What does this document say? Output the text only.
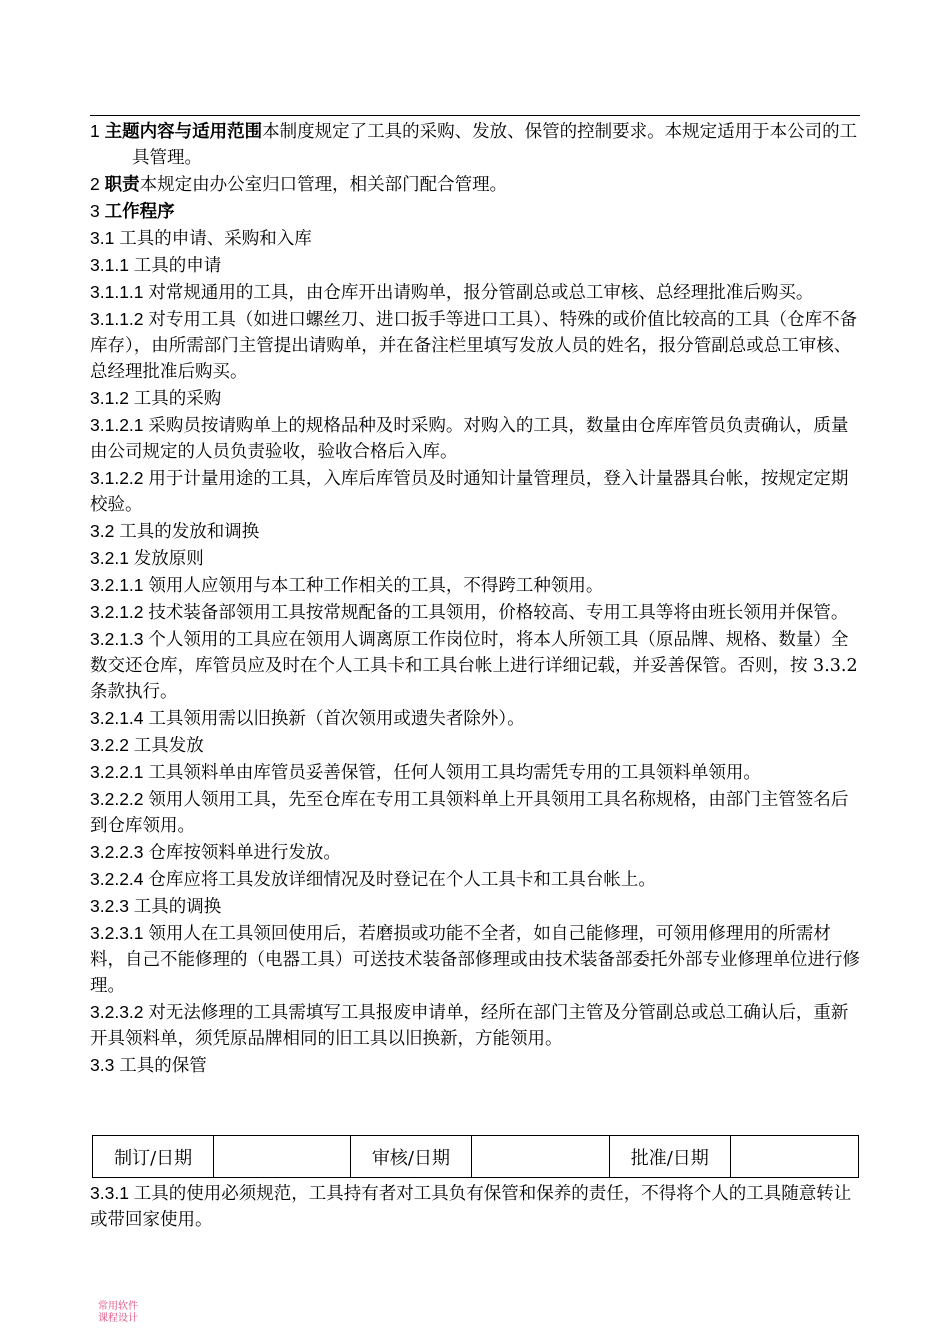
1 主题内容与适用范围本制度规定了工具的采购、发放、保管的控制要求。本规定适用于本公司的工具管理。
2 职责本规定由办公室归口管理，相关部门配合管理。
3 工作程序
3.1 工具的申请、采购和入库
3.1.1 工具的申请
3.1.1.1 对常规通用的工具，由仓库开出请购单，报分管副总或总工审核、总经理批准后购买。
3.1.1.2 对专用工具（如进口螺丝刀、进口扳手等进口工具）、特殊的或价值比较高的工具（仓库不备库存），由所需部门主管提出请购单，并在备注栏里填写发放人员的姓名，报分管副总或总工审核、总经理批准后购买。
3.1.2 工具的采购
3.1.2.1 采购员按请购单上的规格品种及时采购。对购入的工具，数量由仓库库管员负责确认，质量由公司规定的人员负责验收，验收合格后入库。
3.1.2.2 用于计量用途的工具，入库后库管员及时通知计量管理员，登入计量器具台帐，按规定定期校验。
3.2 工具的发放和调换
3.2.1 发放原则
3.2.1.1 领用人应领用与本工种工作相关的工具，不得跨工种领用。
3.2.1.2 技术装备部领用工具按常规配备的工具领用，价格较高、专用工具等将由班长领用并保管。
3.2.1.3 个人领用的工具应在领用人调离原工作岗位时，将本人所领工具（原品牌、规格、数量）全数交还仓库，库管员应及时在个人工具卡和工具台帐上进行详细记载，并妥善保管。否则，按 3.3.2 条款执行。
3.2.1.4 工具领用需以旧换新（首次领用或遗失者除外）。
3.2.2 工具发放
3.2.2.1 工具领料单由库管员妥善保管，任何人领用工具均需凭专用的工具领料单领用。
3.2.2.2 领用人领用工具，先至仓库在专用工具领料单上开具领用工具名称规格，由部门主管签名后到仓库领用。
3.2.2.3 仓库按领料单进行发放。
3.2.2.4 仓库应将工具发放详细情况及时登记在个人工具卡和工具台帐上。
3.2.3 工具的调换
3.2.3.1 领用人在工具领回使用后，若磨损或功能不全者，如自己能修理，可领用修理用的所需材料，自己不能修理的（电器工具）可送技术装备部修理或由技术装备部委托外部专业修理单位进行修理。
3.2.3.2 对无法修理的工具需填写工具报废申请单，经所在部门主管及分管副总或总工确认后，重新开具领料单，须凭原品牌相同的旧工具以旧换新，方能领用。
3.3 工具的保管
制订/日期		审核/日期		批准/日期	
3.3.1 工具的使用必须规范，工具持有者对工具负有保管和保养的责任，不得将个人的工具随意转让或带回家使用。
常用软件
课程设计
